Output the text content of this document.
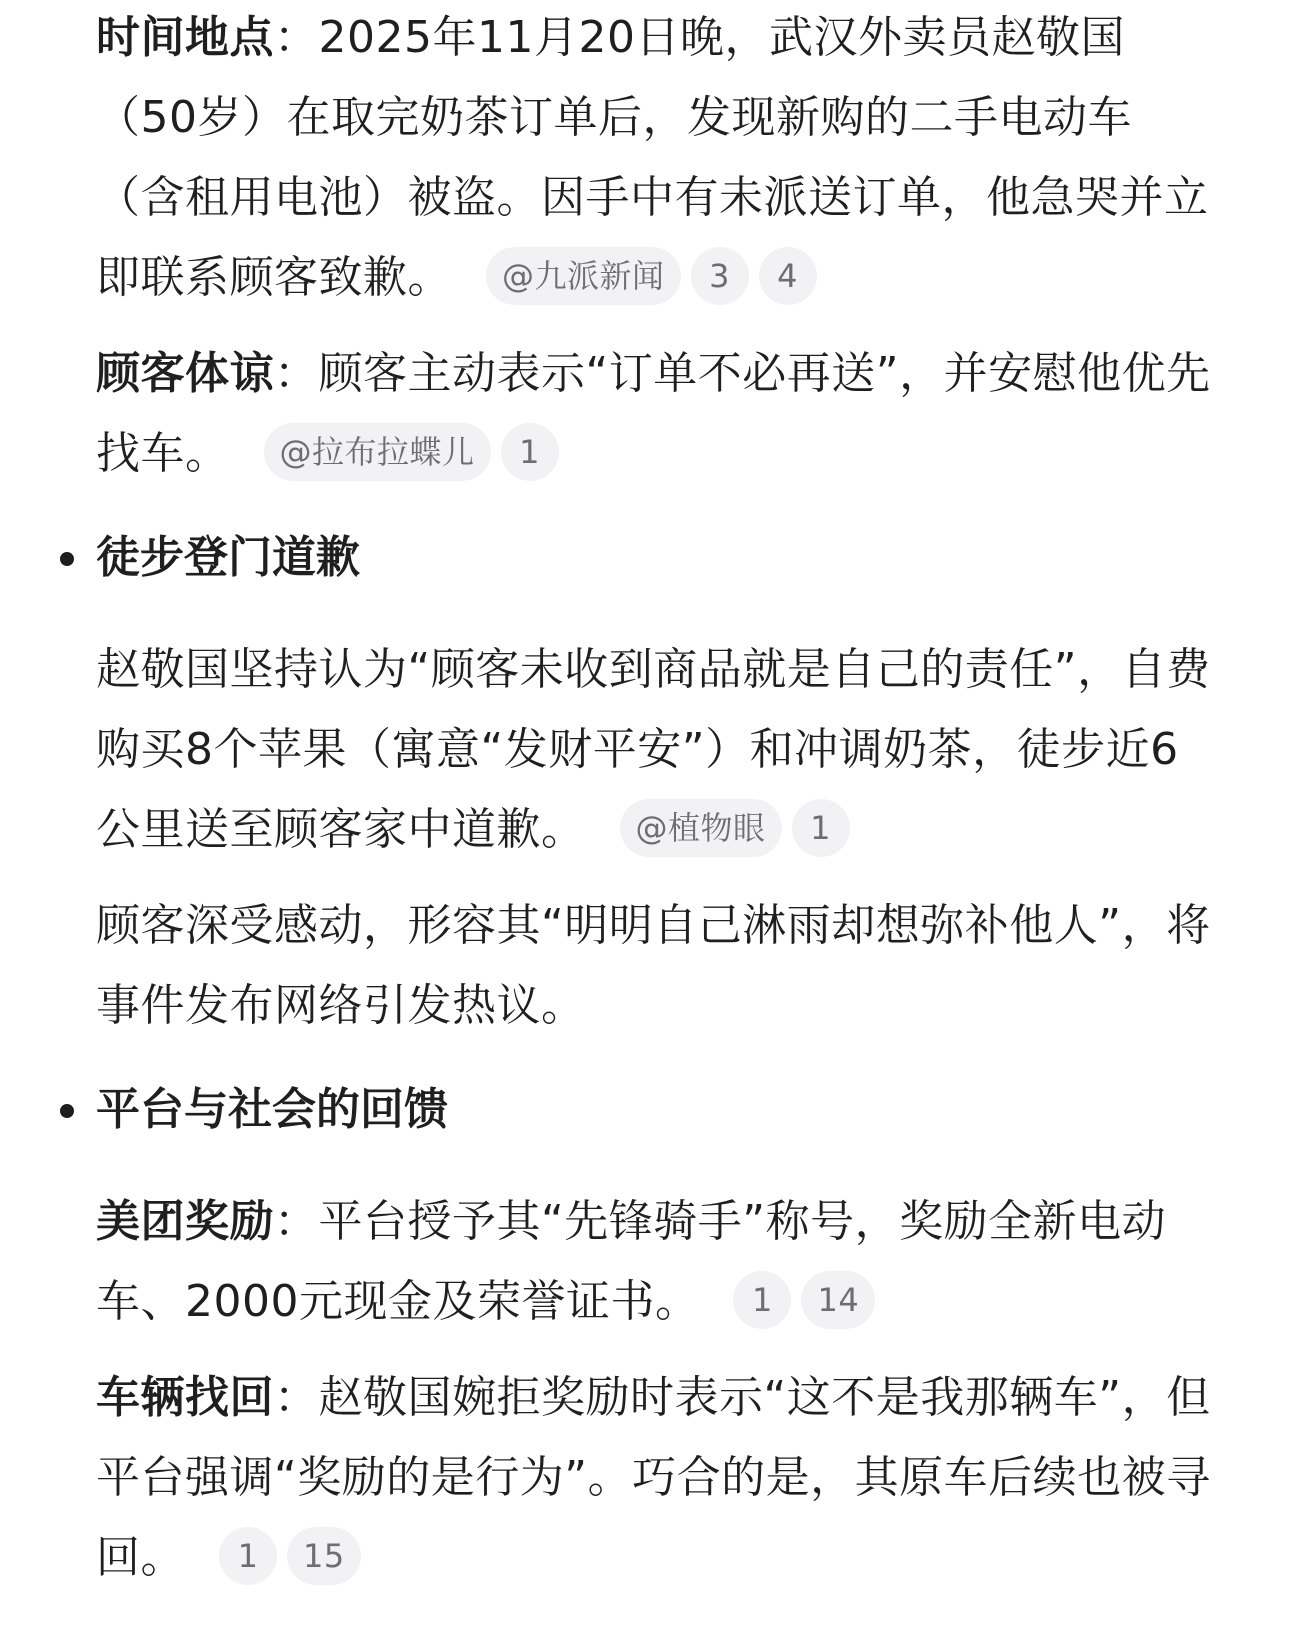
时间地点：2025年11月20日晚，武汉外卖员赵敬国（50岁）在取完奶茶订单后，发现新购的二手电动车（含租用电池）被盗。因手中有未派送订单，他急哭并立即联系顾客致歉。 @九派新闻 3 4
顾客体谅：顾客主动表示“订单不必再送”，并安慰他优先找车。 @拉布拉蝶儿 1
徒步登门道歉
赵敬国坚持认为“顾客未收到商品就是自己的责任”，自费购买8个苹果（寓意“发财平安”）和冲调奶茶，徒步近6公里送至顾客家中道歉。 @植物眼 1
顾客深受感动，形容其“明明自己淋雨却想弥补他人”，将事件发布网络引发热议。
平台与社会的回馈
美团奖励：平台授予其“先锋骑手”称号，奖励全新电动车、2000元现金及荣誉证书。 1 14
车辆找回：赵敬国婉拒奖励时表示“这不是我那辆车”，但平台强调“奖励的是行为”。巧合的是，其原车后续也被寻回。 1 15
